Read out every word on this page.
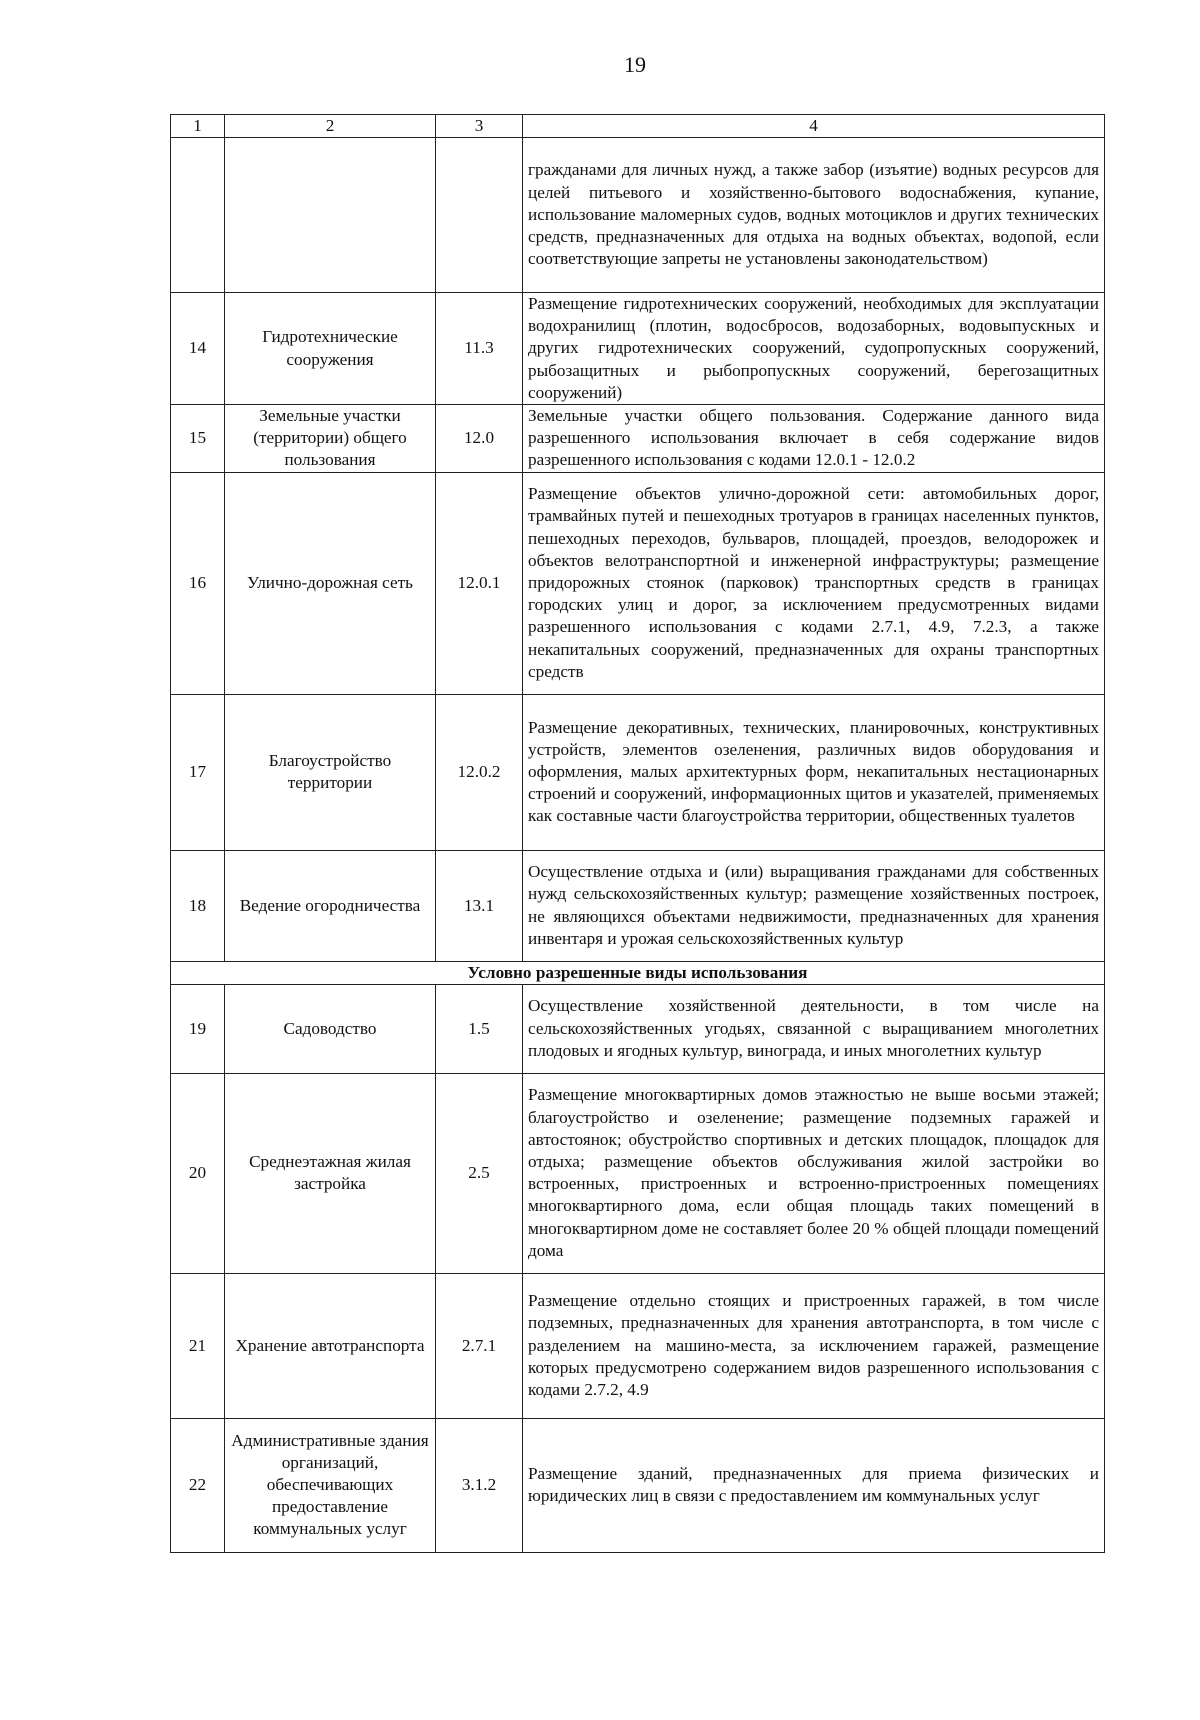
19
1	2	3	4
			гражданами для личных нужд, а также забор (изъятие) водных ресурсов для целей питьевого и хозяйственно-бытового водоснабжения, купание, использование маломерных судов, водных мотоциклов и других технических средств, предназначенных для отдыха на водных объектах, водопой, если соответствующие запреты не установлены законодательством)
14	Гидротехнические сооружения	11.3	Размещение гидротехнических сооружений, необходимых для эксплуатации водохранилищ (плотин, водосбросов, водозаборных, водовыпускных и других гидротехнических сооружений, судопропускных сооружений, рыбозащитных и рыбопропускных сооружений, берегозащитных сооружений)
15	Земельные участки (территории) общего пользования	12.0	Земельные участки общего пользования. Содержание данного вида разрешенного использования включает в себя содержание видов разрешенного использования с кодами 12.0.1 - 12.0.2
16	Улично-дорожная сеть	12.0.1	Размещение объектов улично-дорожной сети: автомобильных дорог, трамвайных путей и пешеходных тротуаров в границах населенных пунктов, пешеходных переходов, бульваров, площадей, проездов, велодорожек и объектов велотранспортной и инженерной инфраструктуры; размещение придорожных стоянок (парковок) транспортных средств в границах городских улиц и дорог, за исключением предусмотренных видами разрешенного использования с кодами 2.7.1, 4.9, 7.2.3, а также некапитальных сооружений, предназначенных для охраны транспортных средств
17	Благоустройство территории	12.0.2	Размещение декоративных, технических, планировочных, конструктивных устройств, элементов озеленения, различных видов оборудования и оформления, малых архитектурных форм, некапитальных нестационарных строений и сооружений, информационных щитов и указателей, применяемых как составные части благоустройства территории, общественных туалетов
18	Ведение огородничества	13.1	Осуществление отдыха и (или) выращивания гражданами для собственных нужд сельскохозяйственных культур; размещение хозяйственных построек, не являющихся объектами недвижимости, предназначенных для хранения инвентаря и урожая сельскохозяйственных культур
Условно разрешенные виды использования			
19	Садоводство	1.5	Осуществление хозяйственной деятельности, в том числе на сельскохозяйственных угодьях, связанной с выращиванием многолетних плодовых и ягодных культур, винограда, и иных многолетних культур
20	Среднеэтажная жилая застройка	2.5	Размещение многоквартирных домов этажностью не выше восьми этажей; благоустройство и озеленение; размещение подземных гаражей и автостоянок; обустройство спортивных и детских площадок, площадок для отдыха; размещение объектов обслуживания жилой застройки во встроенных, пристроенных и встроенно-пристроенных помещениях многоквартирного дома, если общая площадь таких помещений в многоквартирном доме не составляет более 20 % общей площади помещений дома
21	Хранение автотранспорта	2.7.1	Размещение отдельно стоящих и пристроенных гаражей, в том числе подземных, предназначенных для хранения автотранспорта, в том числе с разделением на машино-места, за исключением гаражей, размещение которых предусмотрено содержанием видов разрешенного использования с кодами 2.7.2, 4.9
22	Административные здания организаций, обеспечивающих предоставление коммунальных услуг	3.1.2	Размещение зданий, предназначенных для приема физических и юридических лиц в связи с предоставлением им коммунальных услуг
